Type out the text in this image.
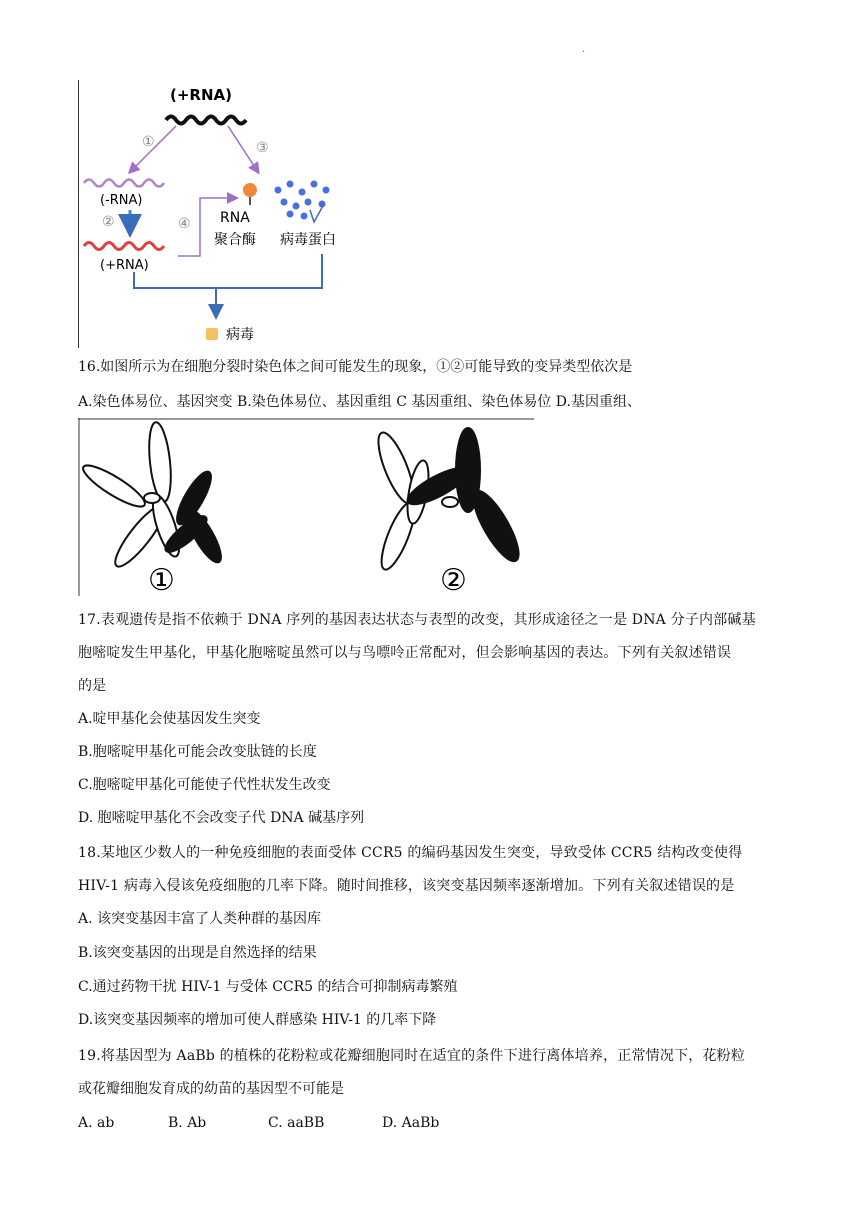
.
(+RNA)
①	③
(-RNA)
②
(+RNA)
④ RNA
聚合酶 病毒蛋白
病毒
16.如图所示为在细胞分裂时染色体之间可能发生的现象，①②可能导致的变异类型依次是
A.染色体易位、基因突变 B.染色体易位、基因重组 C 基因重组、染色体易位 D.基因重组、
①	②
17.表观遗传是指不依赖于 DNA 序列的基因表达状态与表型的改变，其形成途径之一是 DNA 分子内部碱基
胞嘧啶发生甲基化，甲基化胞嘧啶虽然可以与鸟嘌呤正常配对，但会影响基因的表达。下列有关叙述错误
的是
A.啶甲基化会使基因发生突变
B.胞嘧啶甲基化可能会改变肽链的长度
C.胞嘧啶甲基化可能使子代性状发生改变
D. 胞嘧啶甲基化不会改变子代 DNA 碱基序列
18.某地区少数人的一种免疫细胞的表面受体 CCR5 的编码基因发生突变，导致受体 CCR5 结构改变使得
HIV-1 病毒入侵该免疫细胞的几率下降。随时间推移，该突变基因频率逐渐增加。下列有关叙述错误的是
A. 该突变基因丰富了人类种群的基因库
B.该突变基因的出现是自然选择的结果
C.通过药物干扰 HIV-1 与受体 CCR5 的结合可抑制病毒繁殖
D.该突变基因频率的增加可使人群感染 HIV-1 的几率下降
19.将基因型为 AaBb 的植株的花粉粒或花瓣细胞同时在适宜的条件下进行离体培养，正常情况下，花粉粒
或花瓣细胞发育成的幼苗的基因型不可能是
A. ab	B. Ab	C. aaBB	D. AaBb
